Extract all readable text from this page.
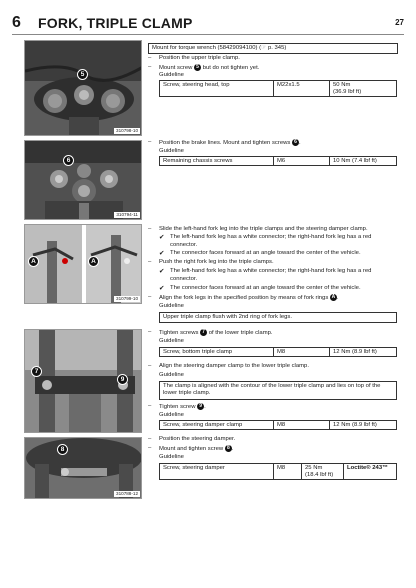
6 FORK, TRIPLE CLAMP	27
5
310798-10
6
310794-11
A	A
310799-10
7
9
8
310788-12
Mount for torque wrench (58429094100) (☞ p. 345)
– Position the upper triple clamp.
– Mount screw 5 but do not tighten yet.
Guideline
Screw, steering head, top	M22x1.5	50 Nm
(36.9 lbf ft)
– Position the brake lines. Mount and tighten screws 6 .
Guideline
Remaining chassis screws	M6	10 Nm (7.4 lbf ft)
– Slide the left-hand fork leg into the triple clamps and the steering damper clamp.
✔ The left-hand fork leg has a white connector; the right-hand fork leg has a red connector.
✔ The connector faces forward at an angle toward the center of the vehicle.
– Push the right fork leg into the triple clamps.
✔ The left-hand fork leg has a white connector; the right-hand fork leg has a red connector.
✔ The connector faces forward at an angle toward the center of the vehicle.
– Align the fork legs in the specified position by means of fork rings A .
Guideline
Upper triple clamp flush with 2nd ring of fork legs.
– Tighten screws 7 of the lower triple clamp.
Guideline
Screw, bottom triple clamp	M8	12 Nm (8.9 lbf ft)
– Align the steering damper clamp to the lower triple clamp.
Guideline
The clamp is aligned with the contour of the lower triple clamp and lies on top of the lower triple clamp.
– Tighten screw 9 .
Guideline
Screw, steering damper clamp	M8	12 Nm (8.9 lbf ft)
– Position the steering damper.
– Mount and tighten screw 8 .
Guideline
Screw, steering damper	M8	25 Nm
(18.4 lbf ft)	Loctite® 243™
